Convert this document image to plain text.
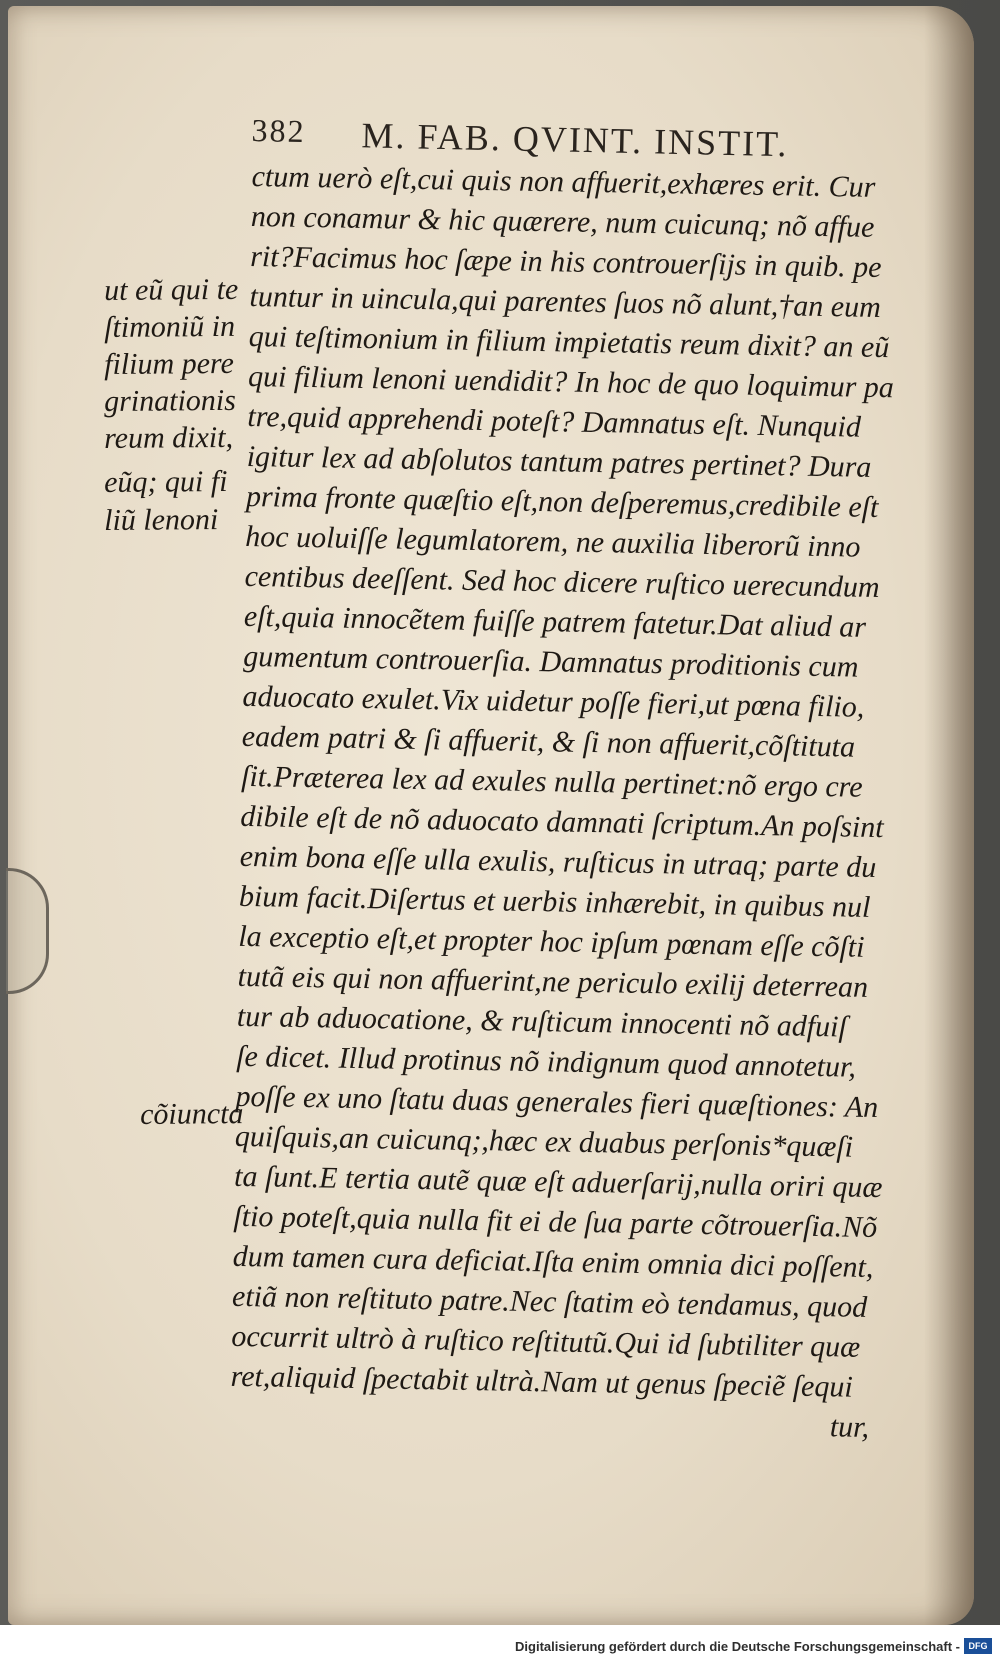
382 M. FAB. QVINT. INSTIT.
ut eũ qui te
ſtimoniũ in
filium pere
grinationis
reum dixit,
eũq; qui fi
liũ lenoni
cõiuncta
ctum uerò eſt,cui quis non affuerit,exhæres erit. Cur
non conamur & hic quærere, num cuicunq; nõ affue
rit?Facimus hoc ſæpe in his controuerſijs in quib. pe
tuntur in uincula,qui parentes ſuos nõ alunt,†an eum
qui teſtimonium in filium impietatis reum dixit? an eũ
qui filium lenoni uendidit? In hoc de quo loquimur pa
tre,quid apprehendi poteſt? Damnatus eſt. Nunquid
igitur lex ad abſolutos tantum patres pertinet? Dura
prima fronte quæſtio eſt,non deſperemus,credibile eſt
hoc uoluiſſe legumlatorem, ne auxilia liberorũ inno
centibus deeſſent. Sed hoc dicere ruſtico uerecundum
eſt,quia innocẽtem fuiſſe patrem fatetur.Dat aliud ar
gumentum controuerſia. Damnatus proditionis cum
aduocato exulet.Vix uidetur poſſe fieri,ut pœna filio,
eadem patri & ſi affuerit, & ſi non affuerit,cõſtituta
ſit.Præterea lex ad exules nulla pertinet:nõ ergo cre
dibile eſt de nõ aduocato damnati ſcriptum.An poſsint
enim bona eſſe ulla exulis, ruſticus in utraq; parte du
bium facit.Diſertus et uerbis inhærebit, in quibus nul
la exceptio eſt,et propter hoc ipſum pœnam eſſe cõſti
tutã eis qui non affuerint,ne periculo exilij deterrean
tur ab aduocatione, & ruſticum innocenti nõ adfuiſ
ſe dicet. Illud protinus nõ indignum quod annotetur,
poſſe ex uno ſtatu duas generales fieri quæſtiones: An
quiſquis,an cuicunq;,hæc ex duabus perſonis*quæſi
ta ſunt.E tertia autẽ quæ eſt aduerſarij,nulla oriri quæ
ſtio poteſt,quia nulla fit ei de ſua parte cõtrouerſia.Nõ
dum tamen cura deficiat.Iſta enim omnia dici poſſent,
etiã non reſtituto patre.Nec ſtatim eò tendamus, quod
occurrit ultrò à ruſtico reſtitutũ.Qui id ſubtiliter quæ
ret,aliquid ſpectabit ultrà.Nam ut genus ſpeciẽ ſequi
tur,
Digitalisierung gefördert durch die Deutsche Forschungsgemeinschaft - DFG
